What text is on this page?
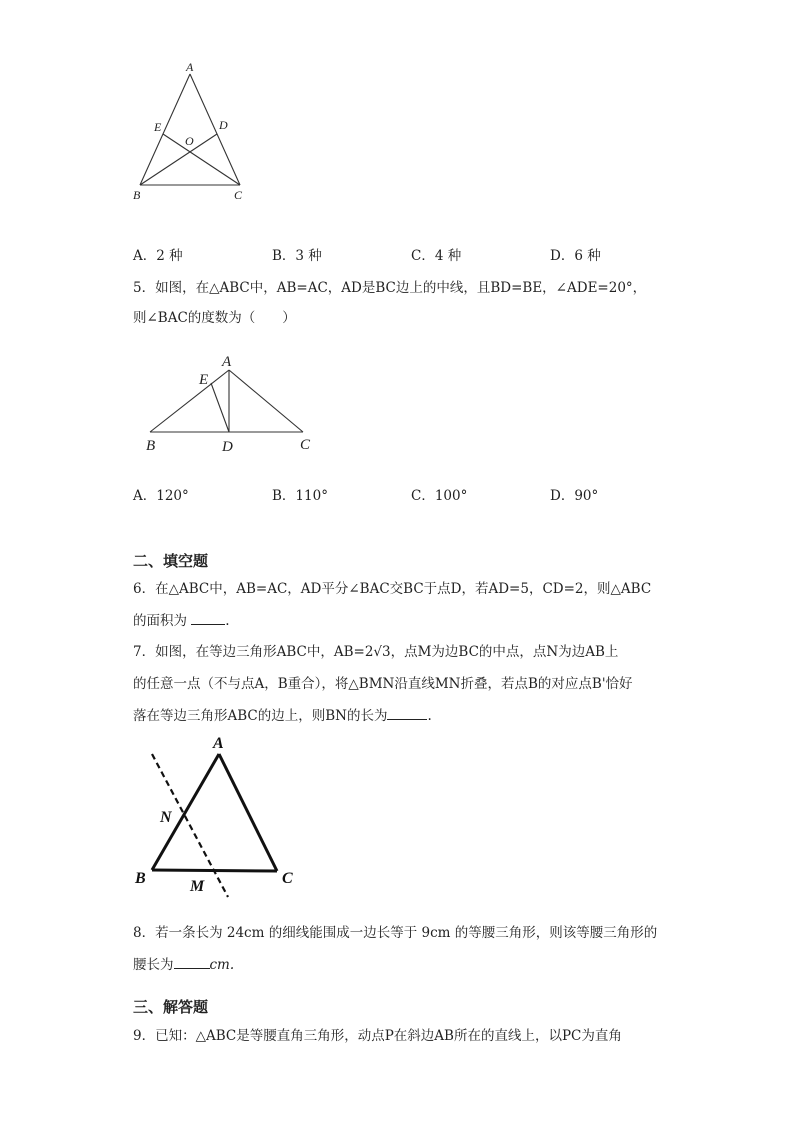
A
E	D
O
B	C
A．2 种	B．3 种	C．4 种	D．6 种
5．如图，在△ABC中，AB=AC，AD是BC边上的中线，且BD=BE，∠ADE=20°，
则∠BAC的度数为（　　）
A
E
B	D	C
A．120°	B．110°	C．100°	D．90°
二、填空题
6．在△ABC中，AB=AC，AD平分∠BAC交BC于点D，若AD=5，CD=2，则△ABC
的面积为	.
7．如图，在等边三角形ABC中，AB=2√3，点M为边BC的中点，点N为边AB上
的任意一点（不与点A，B重合），将△BMN沿直线MN折叠，若点B的对应点B'恰好
落在等边三角形ABC的边上，则BN的长为	.
A
N
B	M	C
8．若一条长为 24cm 的细线能围成一边长等于 9cm 的等腰三角形，则该等腰三角形的
腰长为	cm.
三、解答题
9．已知：△ABC是等腰直角三角形，动点P在斜边AB所在的直线上，以PC为直角
